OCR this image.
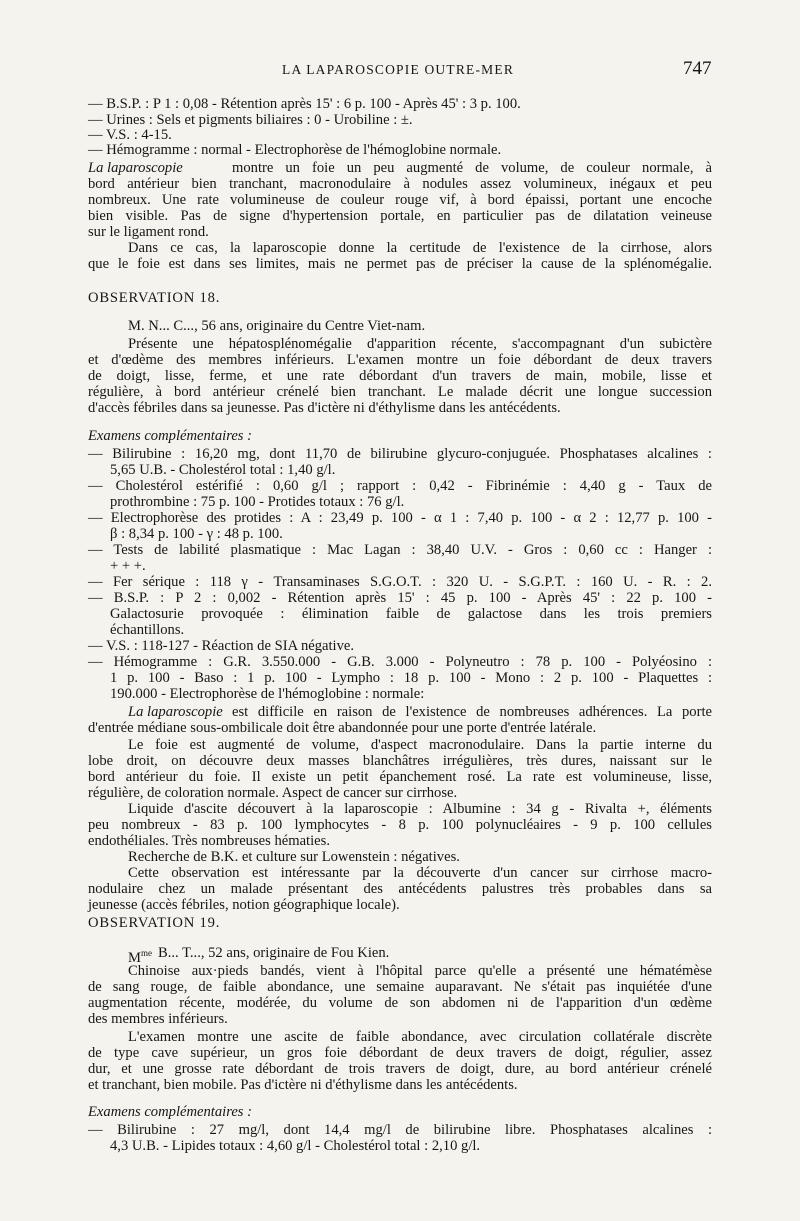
LA LAPAROSCOPIE OUTRE-MER	747
La laparoscopie
La laparoscopie
OBSERVATION 18.
OBSERVATION 19.
$M^{me}$
— B.S.P. : P 1 : 0,08 - Rétention après 15' : 6 p. 100 - Après 45' : 3 p. 100.
— Urines : Sels et pigments biliaires : 0 - Urobiline : ±.
— V.S. : 4-15.
— Hémogramme : normal - Electrophorèse de l'hémoglobine normale.
montre un foie un peu augmenté de volume, de couleur normale, à
bord antérieur bien tranchant, macronodulaire à nodules assez volumineux, inégaux et peu
nombreux. Une rate volumineuse de couleur rouge vif, à bord épaissi, portant une encoche
bien visible. Pas de signe d'hypertension portale, en particulier pas de dilatation veineuse
sur le ligament rond.
Dans ce cas, la laparoscopie donne la certitude de l'existence de la cirrhose, alors
que le foie est dans ses limites, mais ne permet pas de préciser la cause de la splénomégalie.
M. N... C..., 56 ans, originaire du Centre Viet-nam.
Présente une hépatosplénomégalie d'apparition récente, s'accompagnant d'un subictère
et d'œdème des membres inférieurs. L'examen montre un foie débordant de deux travers
de doigt, lisse, ferme, et une rate débordant d'un travers de main, mobile, lisse et
régulière, à bord antérieur crénelé bien tranchant. Le malade décrit une longue succession
d'accès fébriles dans sa jeunesse. Pas d'ictère ni d'éthylisme dans les antécédents.
Examens complémentaires :
— Bilirubine : 16,20 mg, dont 11,70 de bilirubine glycuro-conjuguée. Phosphatases alcalines :
5,65 U.B. - Cholestérol total : 1,40 g/l.
— Cholestérol estérifié : 0,60 g/l ; rapport : 0,42 - Fibrinémie : 4,40 g - Taux de
prothrombine : 75 p. 100 - Protides totaux : 76 g/l.
— Electrophorèse des protides : A : 23,49 p. 100 - α 1 : 7,40 p. 100 - α 2 : 12,77 p. 100 -
β : 8,34 p. 100 - γ : 48 p. 100.
— Tests de labilité plasmatique : Mac Lagan : 38,40 U.V. - Gros : 0,60 cc : Hanger :
+ + +.
— Fer sérique : 118 γ - Transaminases S.G.O.T. : 320 U. - S.G.P.T. : 160 U. - R. : 2.
— B.S.P. : P 2 : 0,002 - Rétention après 15' : 45 p. 100 - Après 45' : 22 p. 100 -
Galactosurie provoquée : élimination faible de galactose dans les trois premiers
échantillons.
— V.S. : 118-127 - Réaction de SIA négative.
— Hémogramme : G.R. 3.550.000 - G.B. 3.000 - Polyneutro : 78 p. 100 - Polyéosino :
1 p. 100 - Baso : 1 p. 100 - Lympho : 18 p. 100 - Mono : 2 p. 100 - Plaquettes :
190.000 - Electrophorèse de l'hémoglobine : normale:
est difficile en raison de l'existence de nombreuses adhérences. La porte
d'entrée médiane sous-ombilicale doit être abandonnée pour une porte d'entrée latérale.
Le foie est augmenté de volume, d'aspect macronodulaire. Dans la partie interne du
lobe droit, on découvre deux masses blanchâtres irrégulières, très dures, naissant sur le
bord antérieur du foie. Il existe un petit épanchement rosé. La rate est volumineuse, lisse,
régulière, de coloration normale. Aspect de cancer sur cirrhose.
Liquide d'ascite découvert à la laparoscopie : Albumine : 34 g - Rivalta +, éléments
peu nombreux - 83 p. 100 lymphocytes - 8 p. 100 polynucléaires - 9 p. 100 cellules
endothéliales. Très nombreuses hématies.
Recherche de B.K. et culture sur Lowenstein : négatives.
Cette observation est intéressante par la découverte d'un cancer sur cirrhose macro-
nodulaire chez un malade présentant des antécédents palustres très probables dans sa
jeunesse (accès fébriles, notion géographique locale).
B... T..., 52 ans, originaire de Fou Kien.
Chinoise aux·pieds bandés, vient à l'hôpital parce qu'elle a présenté une hématémèse
de sang rouge, de faible abondance, une semaine auparavant. Ne s'était pas inquiétée d'une
augmentation récente, modérée, du volume de son abdomen ni de l'apparition d'un œdème
des membres inférieurs.
L'examen montre une ascite de faible abondance, avec circulation collatérale discrète
de type cave supérieur, un gros foie débordant de deux travers de doigt, régulier, assez
dur, et une grosse rate débordant de trois travers de doigt, dure, au bord antérieur crénelé
et tranchant, bien mobile. Pas d'ictère ni d'éthylisme dans les antécédents.
Examens complémentaires :
— Bilirubine : 27 mg/l, dont 14,4 mg/l de bilirubine libre. Phosphatases alcalines :
4,3 U.B. - Lipides totaux : 4,60 g/l - Cholestérol total : 2,10 g/l.
